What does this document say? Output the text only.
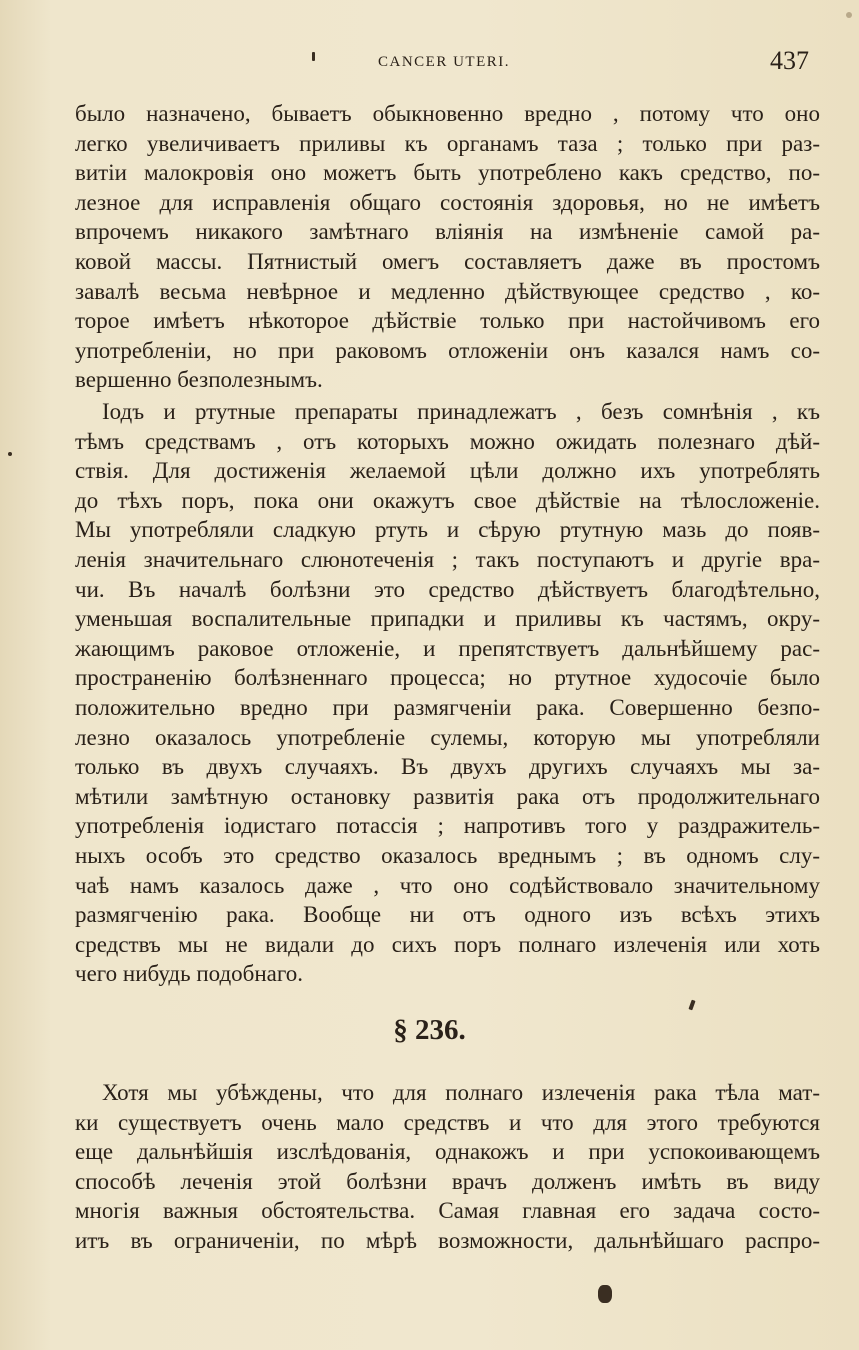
CANCER UTERI.	437
было назначено, бываетъ обыкновенно вредно , потому что оно
легко увеличиваетъ приливы къ органамъ таза ; только при раз-
витіи малокровія оно можетъ быть употреблено какъ средство, по-
лезное для исправленія общаго состоянія здоровья, но не имѣетъ
впрочемъ никакого замѣтнаго вліянія на измѣненіе самой ра-
ковой массы. Пятнистый омегъ составляетъ даже въ простомъ
завалѣ весьма невѣрное и медленно дѣйствующее средство , ко-
торое имѣетъ нѣкоторое дѣйствіе только при настойчивомъ его
употребленіи, но при раковомъ отложеніи онъ казался намъ со-
вершенно безполезнымъ.
Іодъ и ртутные препараты принадлежатъ , безъ сомнѣнія , къ
тѣмъ средствамъ , отъ которыхъ можно ожидать полезнаго дѣй-
ствія. Для достиженія желаемой цѣли должно ихъ употреблять
до тѣхъ поръ, пока они окажутъ свое дѣйствіе на тѣлосложеніе.
Мы употребляли сладкую ртуть и сѣрую ртутную мазь до появ-
ленія значительнаго слюнотеченія ; такъ поступаютъ и другіе вра-
чи. Въ началѣ болѣзни это средство дѣйствуетъ благодѣтельно,
уменьшая воспалительные припадки и приливы къ частямъ, окру-
жающимъ раковое отложеніе, и препятствуетъ дальнѣйшему рас-
пространенію болѣзненнаго процесса; но ртутное худосочіе было
положительно вредно при размягченіи рака. Совершенно безпо-
лезно оказалось употребленіе сулемы, которую мы употребляли
только въ двухъ случаяхъ. Въ двухъ другихъ случаяхъ мы за-
мѣтили замѣтную остановку развитія рака отъ продолжительнаго
употребленія іодистаго потассія ; напротивъ того у раздражитель-
ныхъ особъ это средство оказалось вреднымъ ; въ одномъ слу-
чаѣ намъ казалось даже , что оно содѣйствовало значительному
размягченію рака. Вообще ни отъ одного изъ всѣхъ этихъ
средствъ мы не видали до сихъ поръ полнаго излеченія или хоть
чего нибудь подобнаго.
§ 236.
Хотя мы убѣждены, что для полнаго излеченія рака тѣла мат-
ки существуетъ очень мало средствъ и что для этого требуются
еще дальнѣйшія изслѣдованія, однакожъ и при успокоивающемъ
способѣ леченія этой болѣзни врачъ долженъ имѣть въ виду
многія важныя обстоятельства. Самая главная его задача состо-
итъ въ ограниченіи, по мѣрѣ возможности, дальнѣйшаго распро-
